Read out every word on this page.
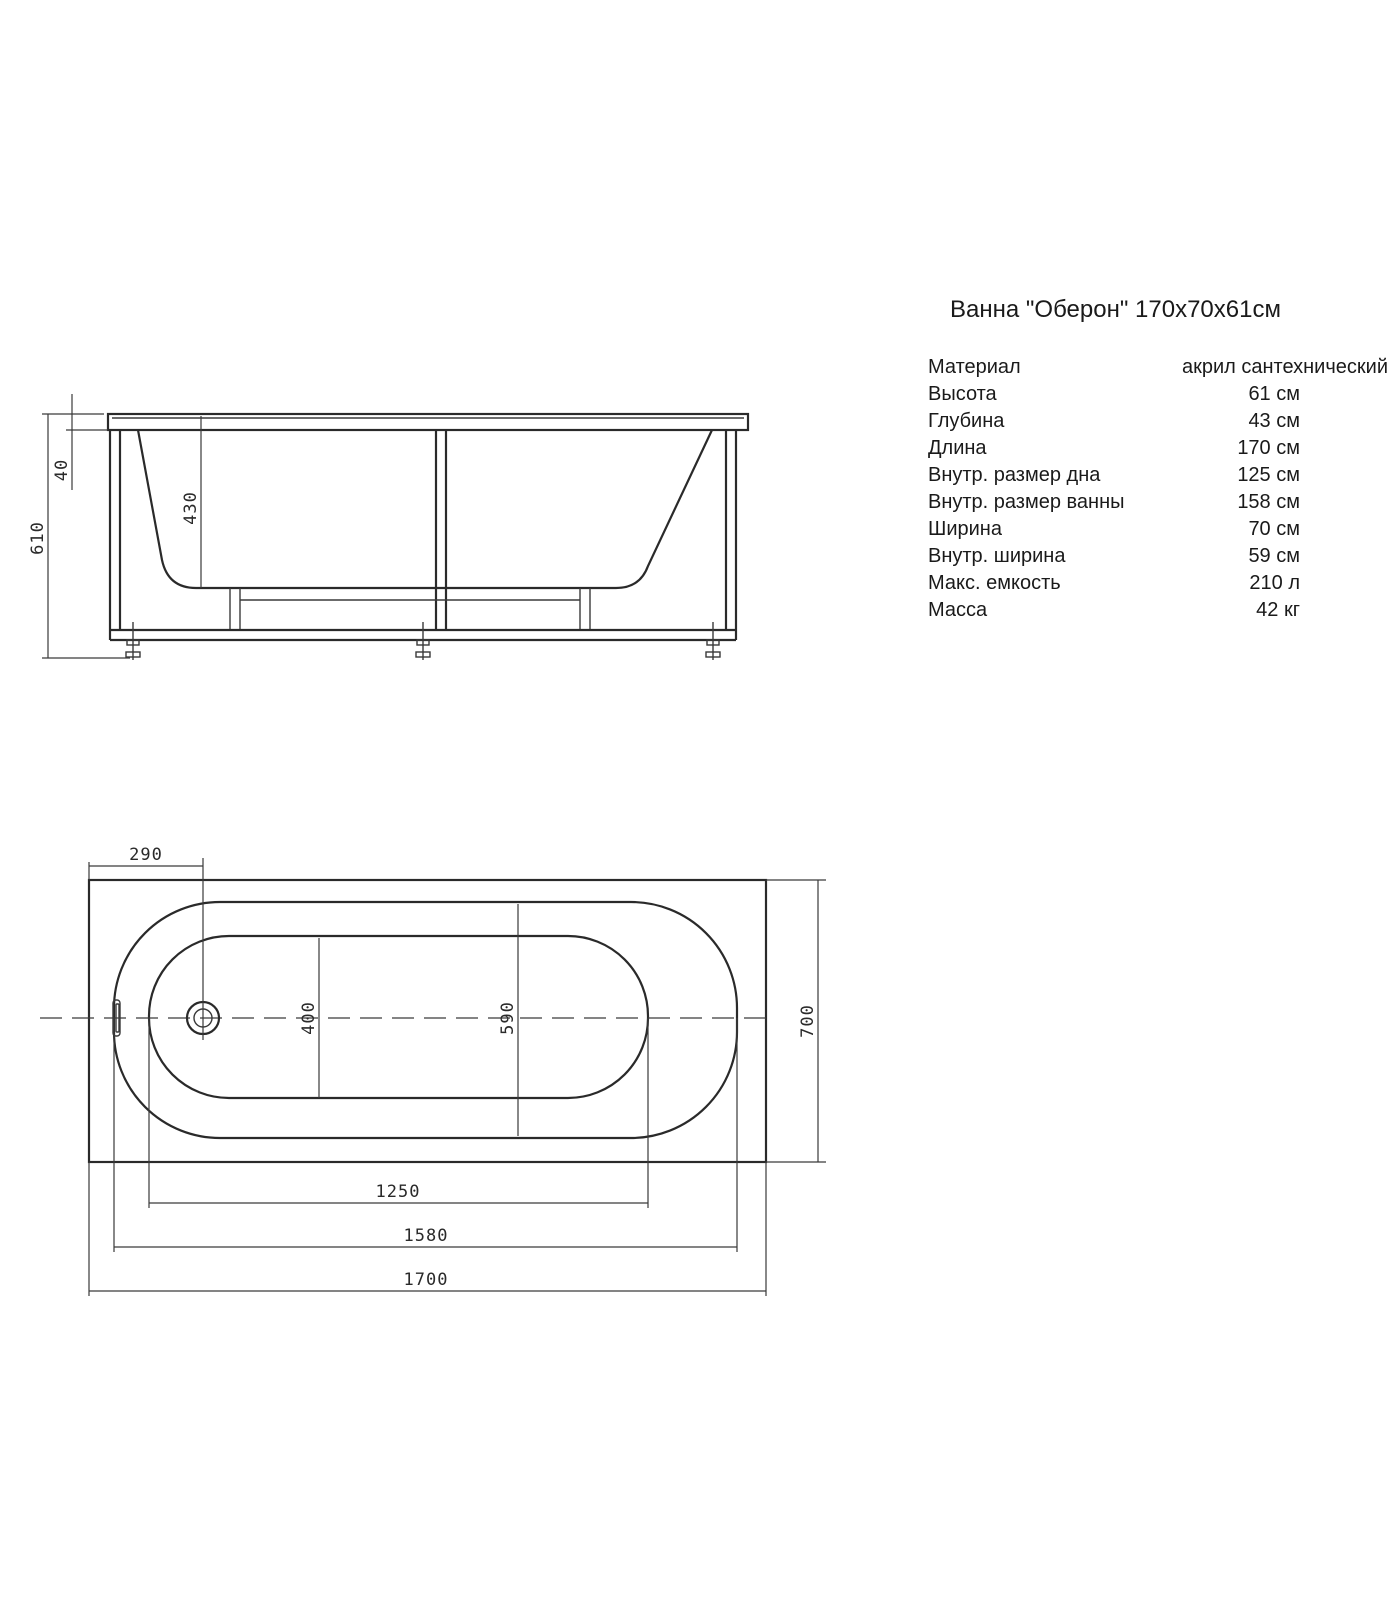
610
40
430
290
400	590	700
1250
1580
1700
Ванна "Оберон" 170x70x61см
Материал	акрил сантехнический
Высота	61 см
Глубина	43 см
Длина	170 см
Внутр. размер дна	125 см
Внутр. размер ванны	158 см
Ширина	70 см
Внутр. ширина	59 см
Макс. емкость	210 л
Масса	42 кг
